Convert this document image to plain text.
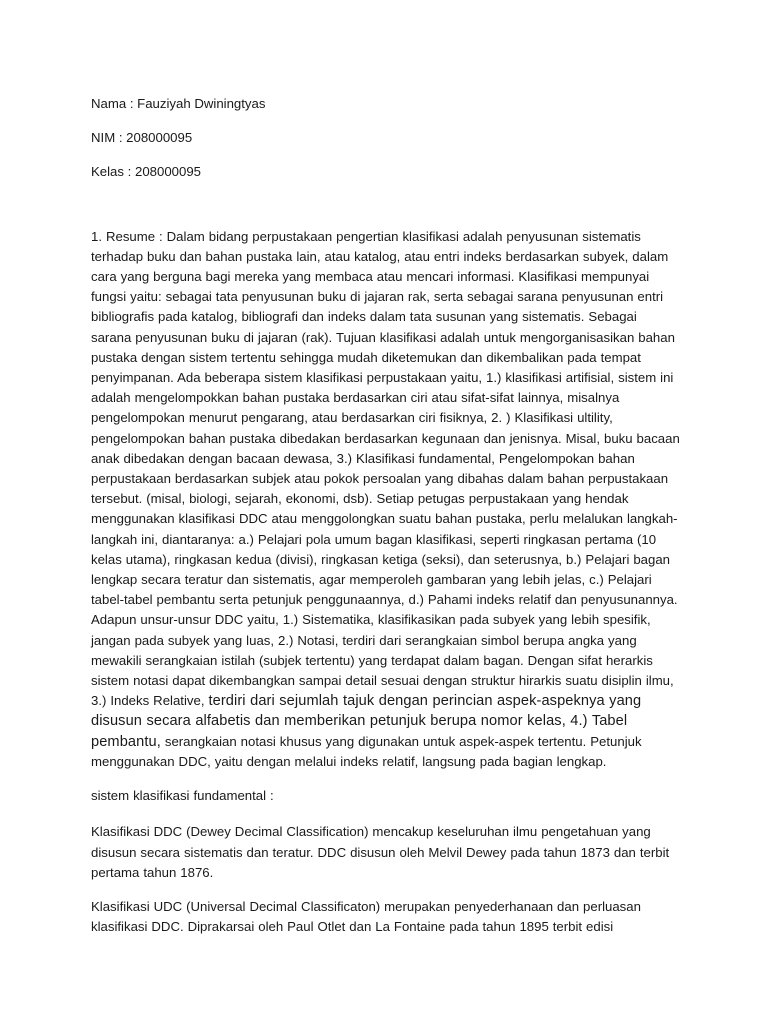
Nama : Fauziyah Dwiningtyas
NIM : 208000095
Kelas : 208000095

1. Resume : Dalam bidang perpustakaan pengertian klasifikasi adalah penyusunan sistematis terhadap buku dan bahan pustaka lain, atau katalog, atau entri indeks berdasarkan subyek, dalam cara yang berguna bagi mereka yang membaca atau mencari informasi. Klasifikasi mempunyai fungsi yaitu: sebagai tata penyusunan buku di jajaran rak, serta sebagai sarana penyusunan entri bibliografis pada katalog, bibliografi dan indeks dalam tata susunan yang sistematis. Sebagai sarana penyusunan buku di jajaran (rak). Tujuan klasifikasi adalah untuk mengorganisasikan bahan pustaka dengan sistem tertentu sehingga mudah diketemukan dan dikembalikan pada tempat penyimpanan. Ada beberapa sistem klasifikasi perpustakaan yaitu, 1.) klasifikasi artifisial, sistem ini adalah mengelompokkan bahan pustaka berdasarkan ciri atau sifat-sifat lainnya, misalnya pengelompokan menurut pengarang, atau berdasarkan ciri fisiknya, 2. ) Klasifikasi ultility, pengelompokan bahan pustaka dibedakan berdasarkan kegunaan dan jenisnya. Misal, buku bacaan anak dibedakan dengan bacaan dewasa, 3.) Klasifikasi fundamental, Pengelompokan bahan perpustakaan berdasarkan subjek atau pokok persoalan yang dibahas dalam bahan perpustakaan tersebut. (misal, biologi, sejarah, ekonomi, dsb). Setiap petugas perpustakaan yang hendak menggunakan klasifikasi DDC atau menggolongkan suatu bahan pustaka, perlu melalukan langkah-langkah ini, diantaranya: a.) Pelajari pola umum bagan klasifikasi, seperti ringkasan pertama (10 kelas utama), ringkasan kedua (divisi), ringkasan ketiga (seksi), dan seterusnya, b.) Pelajari bagan lengkap secara teratur dan sistematis, agar memperoleh gambaran yang lebih jelas, c.) Pelajari tabel-tabel pembantu serta petunjuk penggunaannya, d.) Pahami indeks relatif dan penyusunannya. Adapun unsur-unsur DDC yaitu, 1.) Sistematika, klasifikasikan pada subyek yang lebih spesifik, jangan pada subyek yang luas, 2.) Notasi, terdiri dari serangkaian simbol berupa angka yang mewakili serangkaian istilah (subjek tertentu) yang terdapat dalam bagan. Dengan sifat herarkis sistem notasi dapat dikembangkan sampai detail sesuai dengan struktur hirarkis suatu disiplin ilmu, 3.) Indeks Relative, terdiri dari sejumlah tajuk dengan perincian aspek-aspeknya yang disusun secara alfabetis dan memberikan petunjuk berupa nomor kelas, 4.) Tabel pembantu, serangkaian notasi khusus yang digunakan untuk aspek-aspek tertentu. Petunjuk menggunakan DDC, yaitu dengan melalui indeks relatif, langsung pada bagian lengkap.

sistem klasifikasi fundamental :

Klasifikasi DDC (Dewey Decimal Classification) mencakup keseluruhan ilmu pengetahuan yang disusun secara sistematis dan teratur. DDC disusun oleh Melvil Dewey pada tahun 1873 dan terbit pertama tahun 1876.

Klasifikasi UDC (Universal Decimal Classificaton) merupakan penyederhanaan dan perluasan klasifikasi DDC. Diprakarsai oleh Paul Otlet dan La Fontaine pada tahun 1895 terbit edisi
